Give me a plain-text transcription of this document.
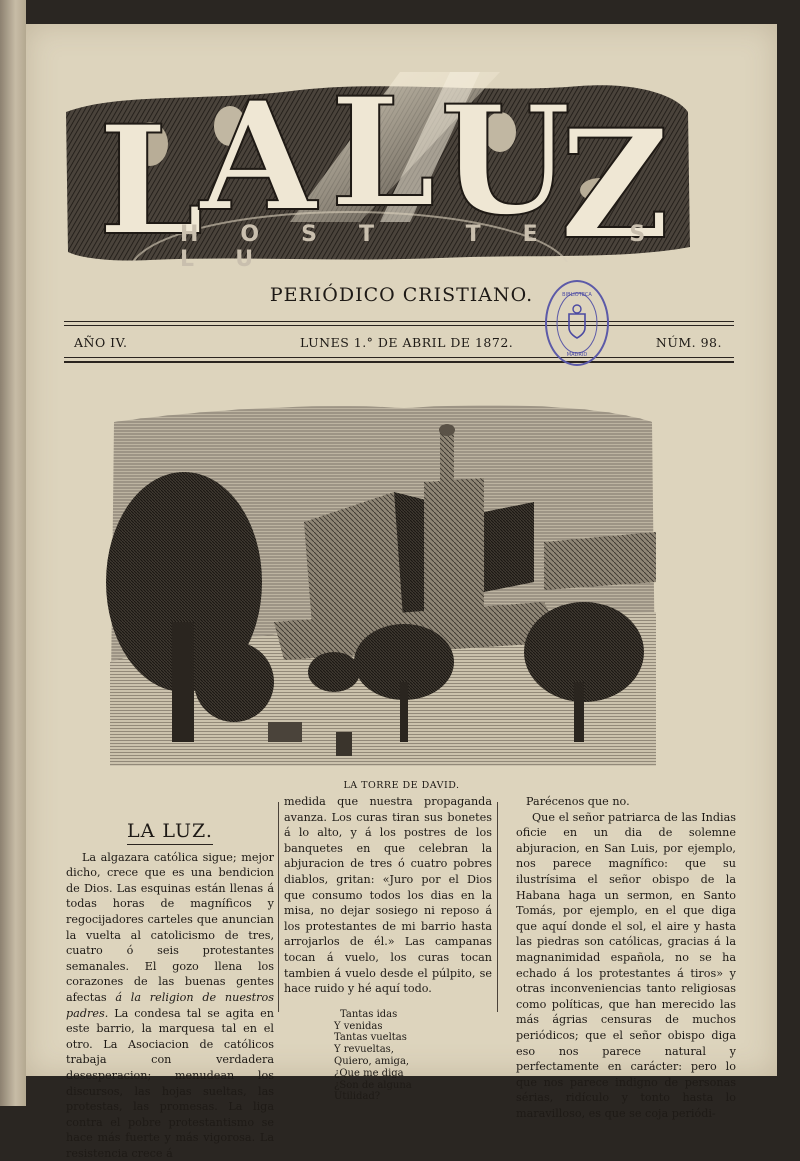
L
A L U
Z
HOST TE S LU
PERIÓDICO CRISTIANO.
AÑO IV.	LUNES 1.° DE ABRIL DE 1872.	NÚM. 98.
BIBLIOTECA
MADRID
LA TORRE DE DAVID.
LA LUZ.

La algazara católica sigue; mejor dicho, crece que es una bendicion de Dios. Las esquinas están llenas á todas horas de magníficos y regocijadores carteles que anuncian la vuelta al catolicismo de tres, cuatro ó seis protestantes semanales. El gozo llena los corazones de las buenas gentes afectas á la religion de nuestros padres. La condesa tal se agita en este barrio, la marquesa tal en el otro. La Asociacion de católicos trabaja con verdadera desesperacion; menudean los discursos, las hojas sueltas, las protestas, las promesas. La liga contra el pobre protestantismo se hace más fuerte y más vigorosa. La resistencia crece á

medida que nuestra propaganda avanza. Los curas tiran sus bonetes á lo alto, y á los postres de los banquetes en que celebran la abjuracion de tres ó cuatro pobres diablos, gritan: «Juro por el Dios que consumo todos los dias en la misa, no dejar sosiego ni reposo á los protestantes de mi barrio hasta arrojarlos de él.» Las campanas tocan á vuelo, los curas tocan tambien á vuelo desde el púlpito, se hace ruido y hé aquí todo.

Tantas idas
Y venidas
Tantas vueltas
Y revueltas,
Quiero, amiga,
¿Que me diga
¿Son de alguna
Utilidad?

Parécenos que no.

Que el señor patriarca de las Indias oficie en un dia de solemne abjuracion, en San Luis, por ejemplo, nos parece magnífico: que su ilustrísima el señor obispo de la Habana haga un sermon, en Santo Tomás, por ejemplo, en el que diga que aquí donde el sol, el aire y hasta las piedras son católicas, gracias á la magnanimidad española, no se ha echado á los protestantes á tiros» y otras inconveniencias tanto religiosas como políticas, que han merecido las más ágrias censuras de muchos periódicos; que el señor obispo diga eso nos parece natural y perfectamente en carácter: pero lo que nos parece indigno de personas sérias, ridículo y tonto hasta lo maravilloso, es que se coja periódi-
